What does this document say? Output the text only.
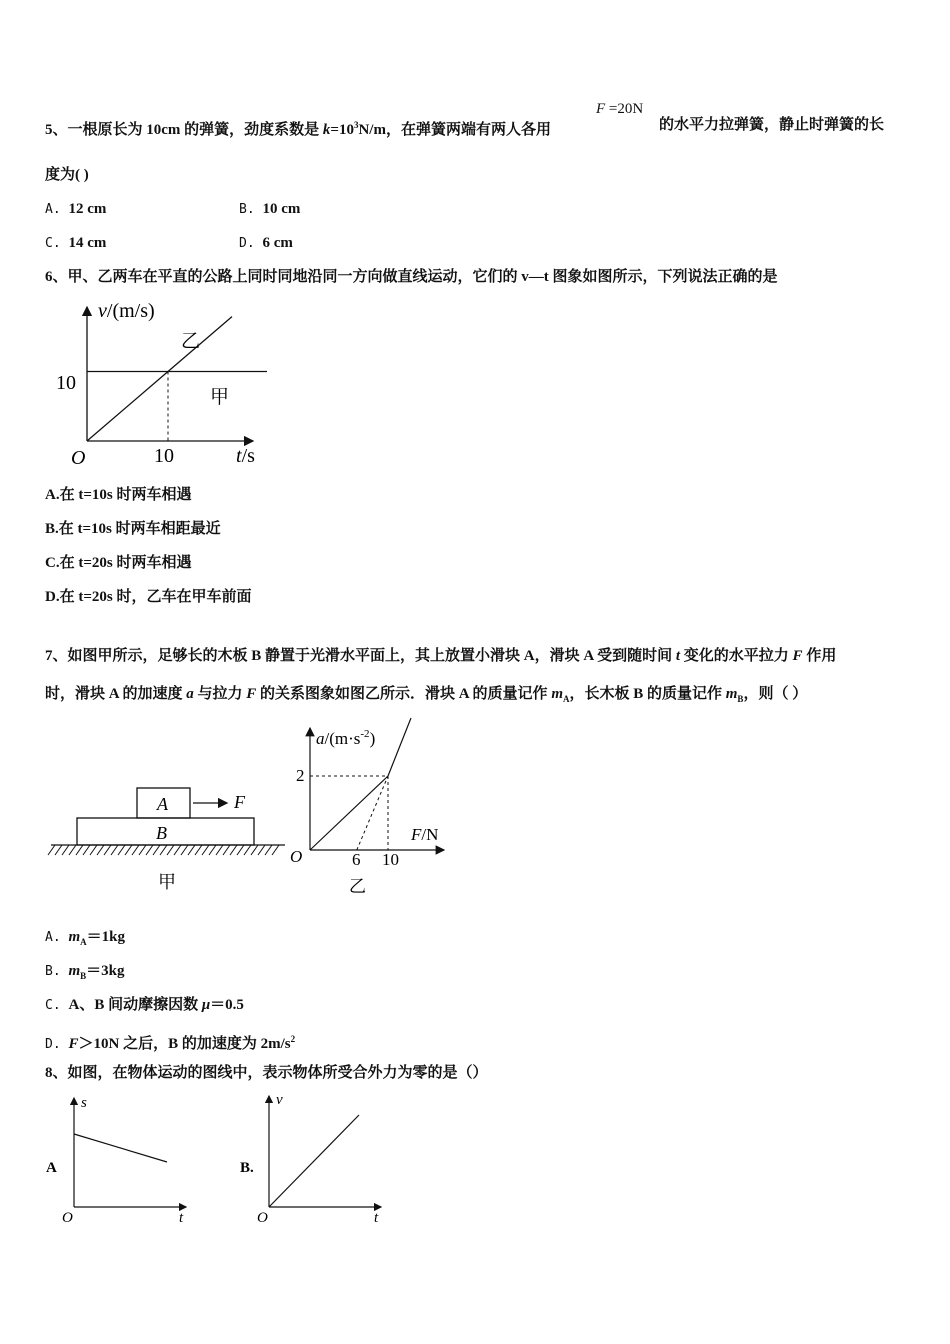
5、一根原长为 10cm 的弹簧，劲度系数是 $k=10^3N/m$，在弹簧两端有两人各用
F =20N
的水平力拉弹簧，静止时弹簧的长
度为( )
A. 12 cm	B. 10 cm
C. 14 cm	D. 6 cm
6、甲、乙两车在平直的公路上同时同地沿同一方向做直线运动，它们的 v—t 图象如图所示，下列说法正确的是
v/(m/s)
t/s
O
10
10
乙
甲
A.在 t=10s 时两车相遇
B.在 t=10s 时两车相距最近
C.在 t=20s 时两车相遇
D.在 t=20s 时，乙车在甲车前面
7、如图甲所示，足够长的木板 B 静置于光滑水平面上，其上放置小滑块 A，滑块 A 受到随时间 t 变化的水平拉力 F 作用
时，滑块 A 的加速度 a 与拉力 F 的关系图象如图乙所示．滑块 A 的质量记作 $m_A$，长木板 B 的质量记作 $m_B$，则（ ）
A	F
B
甲
$a/(m\cdot s^{-2})$
F/N
O
2
6 10
乙
A. $m_A=1kg$
B. $m_B=3kg$
C. A、B 间动摩擦因数 μ＝0.5
D. F＞10N 之后，B 的加速度为 $2m/s^2$
8、如图，在物体运动的图线中，表示物体所受合外力为零的是（）
A
s
t
O
B.
v
t
O
